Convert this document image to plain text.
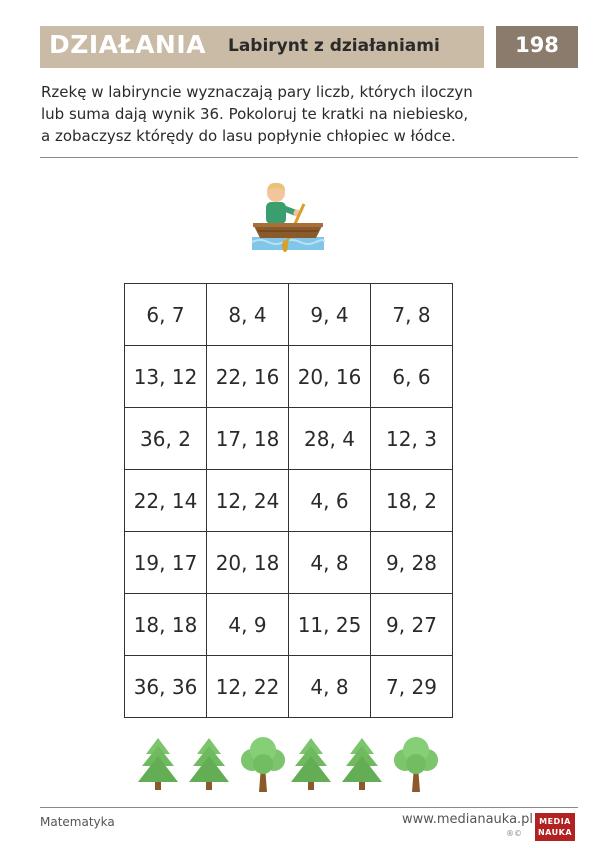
DZIAŁANIA Labirynt z działaniami	198

Rzekę w labiryncie wyznaczają pary liczb, których iloczyn

lub suma dają wynik 36. Pokoloruj te kratki na niebiesko,

a zobaczysz którędy do lasu popłynie chłopiec w łódce.

6, 7	8, 4	9, 4	7, 8
13, 12	22, 16	20, 16	6, 6
36, 2	17, 18	28, 4	12, 3
22, 14	12, 24	4, 6	18, 2
19, 17	20, 18	4, 8	9, 28
18, 18	4, 9	11, 25	9, 27
36, 36	12, 22	4, 8	7, 29
Matematyka	www.medianauka.pl
®©
MEDIA
NAUKA
